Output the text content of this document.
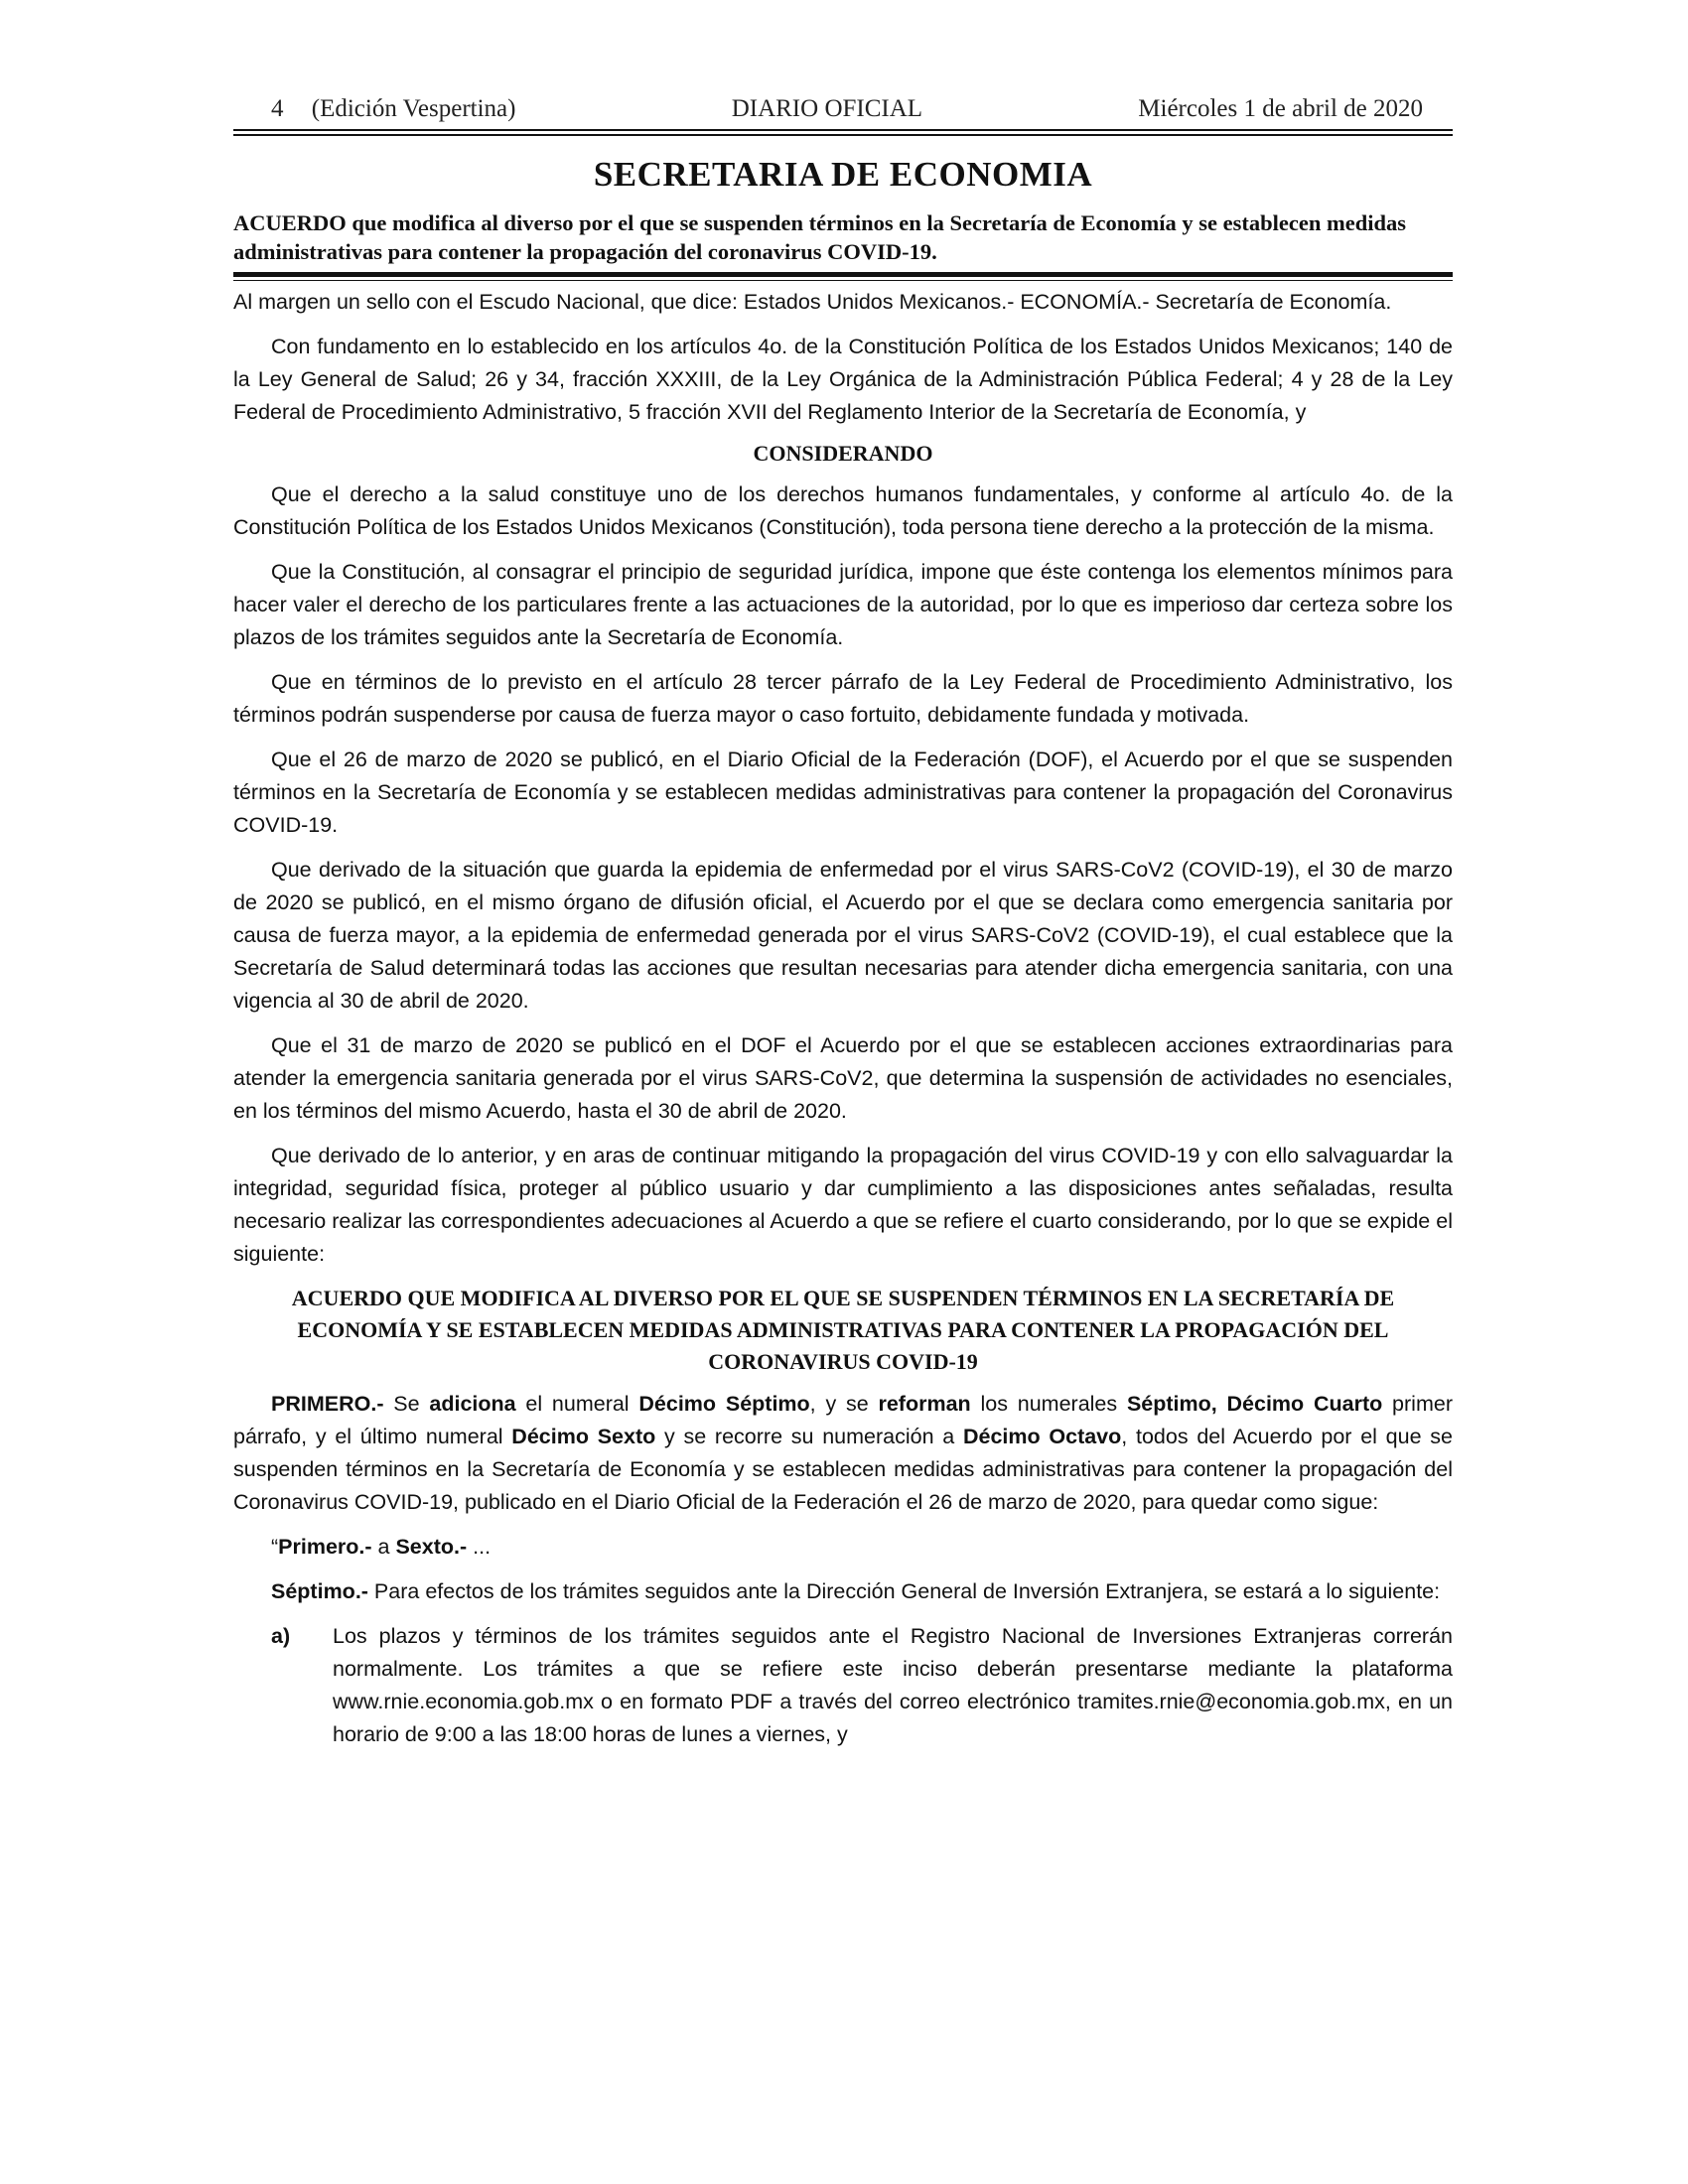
4 (Edición Vespertina)	DIARIO OFICIAL	Miércoles 1 de abril de 2020
SECRETARIA DE ECONOMIA
ACUERDO que modifica al diverso por el que se suspenden términos en la Secretaría de Economía y se establecen medidas administrativas para contener la propagación del coronavirus COVID-19.

Al margen un sello con el Escudo Nacional, que dice: Estados Unidos Mexicanos.- ECONOMÍA.- Secretaría de Economía.

Con fundamento en lo establecido en los artículos 4o. de la Constitución Política de los Estados Unidos Mexicanos; 140 de la Ley General de Salud; 26 y 34, fracción XXXIII, de la Ley Orgánica de la Administración Pública Federal; 4 y 28 de la Ley Federal de Procedimiento Administrativo, 5 fracción XVII del Reglamento Interior de la Secretaría de Economía, y

CONSIDERANDO

Que el derecho a la salud constituye uno de los derechos humanos fundamentales, y conforme al artículo 4o. de la Constitución Política de los Estados Unidos Mexicanos (Constitución), toda persona tiene derecho a la protección de la misma.

Que la Constitución, al consagrar el principio de seguridad jurídica, impone que éste contenga los elementos mínimos para hacer valer el derecho de los particulares frente a las actuaciones de la autoridad, por lo que es imperioso dar certeza sobre los plazos de los trámites seguidos ante la Secretaría de Economía.

Que en términos de lo previsto en el artículo 28 tercer párrafo de la Ley Federal de Procedimiento Administrativo, los términos podrán suspenderse por causa de fuerza mayor o caso fortuito, debidamente fundada y motivada.

Que el 26 de marzo de 2020 se publicó, en el Diario Oficial de la Federación (DOF), el Acuerdo por el que se suspenden términos en la Secretaría de Economía y se establecen medidas administrativas para contener la propagación del Coronavirus COVID-19.

Que derivado de la situación que guarda la epidemia de enfermedad por el virus SARS-CoV2 (COVID-19), el 30 de marzo de 2020 se publicó, en el mismo órgano de difusión oficial, el Acuerdo por el que se declara como emergencia sanitaria por causa de fuerza mayor, a la epidemia de enfermedad generada por el virus SARS-CoV2 (COVID-19), el cual establece que la Secretaría de Salud determinará todas las acciones que resultan necesarias para atender dicha emergencia sanitaria, con una vigencia al 30 de abril de 2020.

Que el 31 de marzo de 2020 se publicó en el DOF el Acuerdo por el que se establecen acciones extraordinarias para atender la emergencia sanitaria generada por el virus SARS-CoV2, que determina la suspensión de actividades no esenciales, en los términos del mismo Acuerdo, hasta el 30 de abril de 2020.

Que derivado de lo anterior, y en aras de continuar mitigando la propagación del virus COVID-19 y con ello salvaguardar la integridad, seguridad física, proteger al público usuario y dar cumplimiento a las disposiciones antes señaladas, resulta necesario realizar las correspondientes adecuaciones al Acuerdo a que se refiere el cuarto considerando, por lo que se expide el siguiente:

ACUERDO QUE MODIFICA AL DIVERSO POR EL QUE SE SUSPENDEN TÉRMINOS EN LA SECRETARÍA DE ECONOMÍA Y SE ESTABLECEN MEDIDAS ADMINISTRATIVAS PARA CONTENER LA PROPAGACIÓN DEL CORONAVIRUS COVID-19

PRIMERO.- Se adiciona el numeral Décimo Séptimo, y se reforman los numerales Séptimo, Décimo Cuarto primer párrafo, y el último numeral Décimo Sexto y se recorre su numeración a Décimo Octavo, todos del Acuerdo por el que se suspenden términos en la Secretaría de Economía y se establecen medidas administrativas para contener la propagación del Coronavirus COVID-19, publicado en el Diario Oficial de la Federación el 26 de marzo de 2020, para quedar como sigue:

“Primero.- a Sexto.- ...

Séptimo.- Para efectos de los trámites seguidos ante la Dirección General de Inversión Extranjera, se estará a lo siguiente:

a)	Los plazos y términos de los trámites seguidos ante el Registro Nacional de Inversiones Extranjeras correrán normalmente. Los trámites a que se refiere este inciso deberán presentarse mediante la plataforma www.rnie.economia.gob.mx o en formato PDF a través del correo electrónico tramites.rnie@economia.gob.mx, en un horario de 9:00 a las 18:00 horas de lunes a viernes, y
